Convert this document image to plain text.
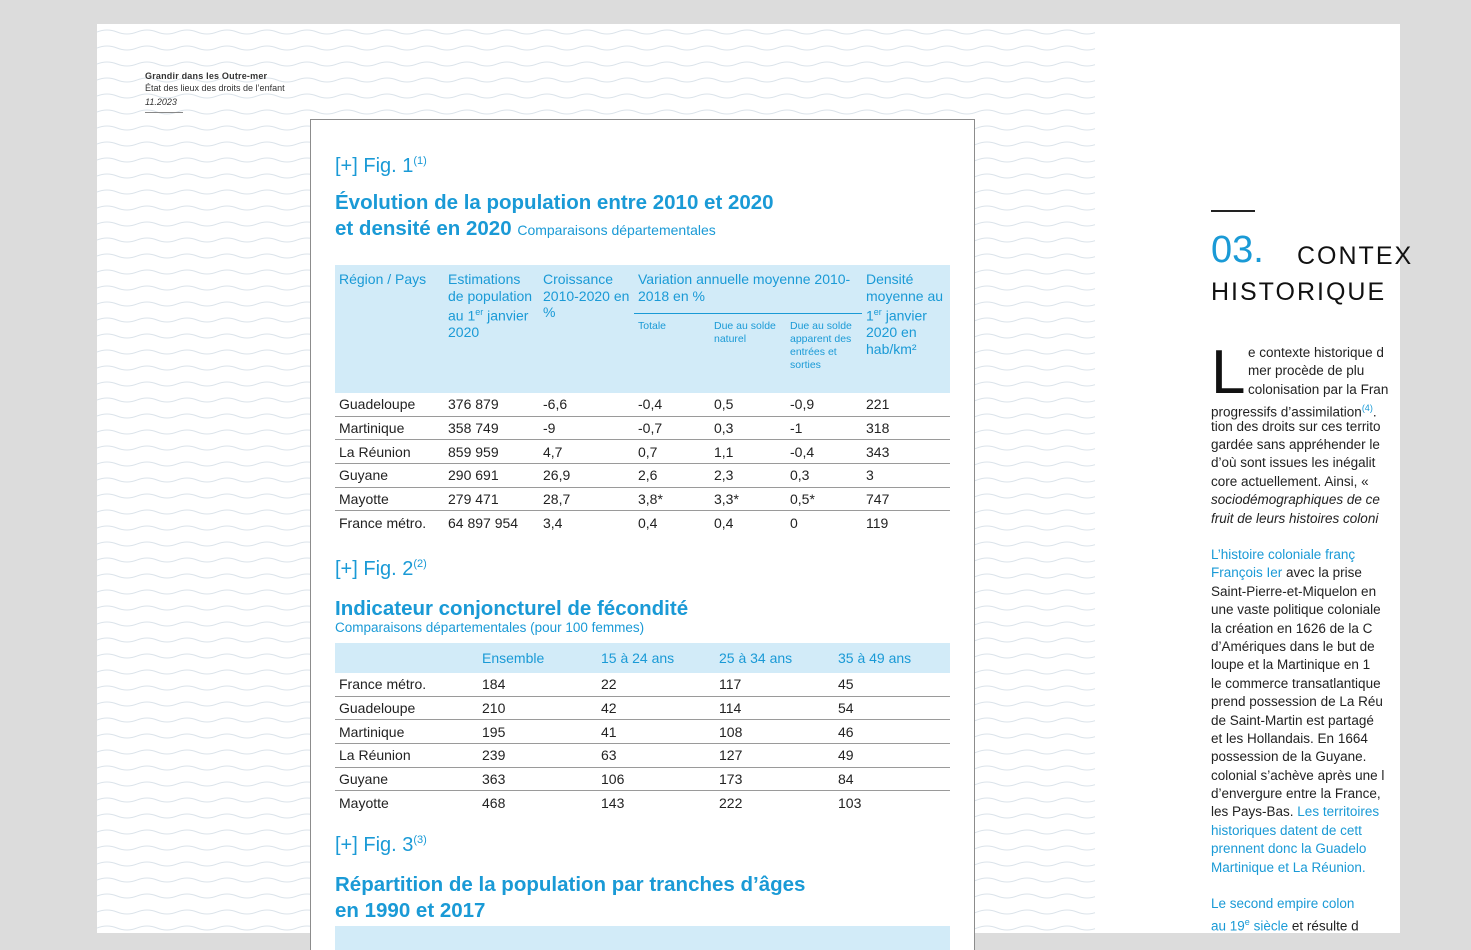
Grandir dans les Outre-mer
État des lieux des droits de l’enfant
11.2023
[+] Fig. 1$^{(1)}$
Évolution de la population entre 2010 et 2020
et densité en 2020 Comparaisons départementales
Région / Pays	Estimations de population au 1er janvier 2020	Croissance 2010-2020 en %	Variation annuelle moyenne 2010-2018 en %			Densité moyenne au 1er janvier 2020 en hab/km²
			Totale	Due au solde naturel	Due au solde apparent des entrées et sorties	
Guadeloupe	376 879	-6,6	-0,4	0,5	-0,9	221
Martinique	358 749	-9	-0,7	0,3	-1	318
La Réunion	859 959	4,7	0,7	1,1	-0,4	343
Guyane	290 691	26,9	2,6	2,3	0,3	3
Mayotte	279 471	28,7	3,8*	3,3*	0,5*	747
France métro.	64 897 954	3,4	0,4	0,4	0	119
[+] Fig. 2$^{(2)}$
Indicateur conjoncturel de fécondité
Comparaisons départementales (pour 100 femmes)
	Ensemble	15 à 24 ans	25 à 34 ans	35 à 49 ans
France métro.	184	22	117	45
Guadeloupe	210	42	114	54
Martinique	195	41	108	46
La Réunion	239	63	127	49
Guyane	363	106	173	84
Mayotte	468	143	222	103
[+] Fig. 3$^{(3)}$
Répartition de la population par tranches d’âges
en 1990 et 2017
03. CONTEX
HISTORIQUE
L e contexte historique d
mer procède de plu
colonisation par la Fran
progressifs d’assimilation$^{(4)}$.
tion des droits sur ces territo
gardée sans appréhender le
d’où sont issues les inégalit
core actuellement. Ainsi, «
sociodémographiques de ce
fruit de leurs histoires coloni
L’histoire coloniale franç
François Ier avec la prise
Saint-Pierre-et-Miquelon en
une vaste politique coloniale
la création en 1626 de la C
d’Amériques dans le but de
loupe et la Martinique en 1
le commerce transatlantique
prend possession de La Réu
de Saint-Martin est partagé
et les Hollandais. En 1664
possession de la Guyane.
colonial s’achève après une l
d’envergure entre la France,
les Pays-Bas. Les territoires
historiques datent de cett
prennent donc la Guadelo
Martinique et La Réunion.
Le second empire colon
au 19e siècle et résulte d
